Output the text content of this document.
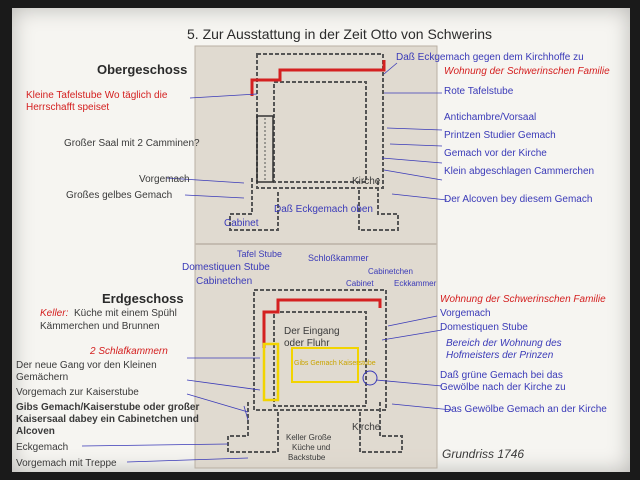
5. Zur Ausstattung in der Zeit Otto von Schwerins
Obergeschoss
Kleine Tafelstube Wo täglich die
Herrschafft speiset
Großer Saal mit 2 Camminen?
Vorgemach
Großes gelbes Gemach
Daß Eckgemach gegen dem Kirchhoffe zu
Wohnung der Schwerinschen Familie
Rote Tafelstube
Antichambre/Vorsaal
Printzen Studier Gemach
Gemach vor der Kirche
Klein abgeschlagen Cammerchen
Der Alcoven bey diesem Gemach
Kirche
Cabinet
Daß Eckgemach oben
Tafel Stube
Domestiquen Stube
Cabinetchen
Schloßkammer
Cabinetchen
Cabinet	Eckkammer
Erdgeschoss
Keller: Küche mit einem Spühl
Kämmerchen und Brunnen
2 Schlafkammern
Der neue Gang vor den Kleinen
Gemächern
Vorgemach zur Kaiserstube
Gibs Gemach/Kaiserstube oder großer
Kaisersaal dabey ein Cabinetchen und
Alcoven
Eckgemach
Vorgemach mit Treppe
Wohnung der Schwerinschen Familie
Vorgemach
Domestiquen Stube
Bereich der Wohnung des
Hofmeisters der Prinzen
Daß grüne Gemach bei das
Gewölbe nach der Kirche zu
Das Gewölbe Gemach an der Kirche
Der Eingang
oder Fluhr
Kirche
Keller Große
Küche und
Backstube
Gibs Gemach Kaiserstube
Grundriss 1746
